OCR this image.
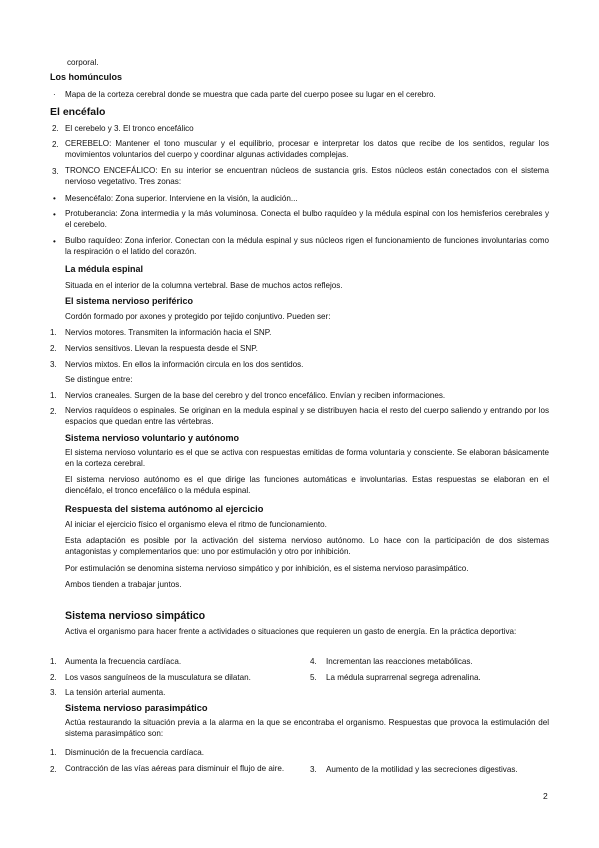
corporal.
Los homúnculos
· Mapa de la corteza cerebral donde se muestra que cada parte del cuerpo posee su lugar en el cerebro.
El encéfalo
2. El cerebelo y 3. El tronco encefálico
2. CEREBELO: Mantener el tono muscular y el equilibrio, procesar e interpretar los datos que recibe de los sentidos, regular los movimientos voluntarios del cuerpo y coordinar algunas actividades complejas.
3. TRONCO ENCEFÁLICO: En su interior se encuentran núcleos de sustancia gris. Estos núcleos están conectados con el sistema nervioso vegetativo. Tres zonas:
• Mesencéfalo: Zona superior. Interviene en la visión, la audición...
• Protuberancia: Zona intermedia y la más voluminosa. Conecta el bulbo raquídeo y la médula espinal con los hemisferios cerebrales y el cerebelo.
• Bulbo raquídeo: Zona inferior. Conectan con la médula espinal y sus núcleos rigen el funcionamiento de funciones involuntarias como la respiración o el latido del corazón.
La médula espinal
Situada en el interior de la columna vertebral. Base de muchos actos reflejos.
El sistema nervioso periférico
Cordón formado por axones y protegido por tejido conjuntivo. Pueden ser:
1. Nervios motores. Transmiten la información hacia el SNP.
2. Nervios sensitivos. Llevan la respuesta desde el SNP.
3. Nervios mixtos. En ellos la información circula en los dos sentidos.
Se distingue entre:
1. Nervios craneales. Surgen de la base del cerebro y del tronco encefálico. Envían y reciben informaciones.
2. Nervios raquídeos o espinales. Se originan en la medula espinal y se distribuyen hacia el resto del cuerpo saliendo y entrando por los espacios que quedan entre las vértebras.
Sistema nervioso voluntario y autónomo
El sistema nervioso voluntario es el que se activa con respuestas emitidas de forma voluntaria y consciente. Se elaboran básicamente en la corteza cerebral.
El sistema nervioso autónomo es el que dirige las funciones automáticas e involuntarias. Estas respuestas se elaboran en el diencéfalo, el tronco encefálico o la médula espinal.
Respuesta del sistema autónomo al ejercicio
Al iniciar el ejercicio físico el organismo eleva el ritmo de funcionamiento.
Esta adaptación es posible por la activación del sistema nervioso autónomo. Lo hace con la participación de dos sistemas antagonistas y complementarios que: uno por estimulación y otro por inhibición.
Por estimulación se denomina sistema nervioso simpático y por inhibición, es el sistema nervioso parasimpático.
Ambos tienden a trabajar juntos.
Sistema nervioso simpático
Activa el organismo para hacer frente a actividades o situaciones que requieren un gasto de energía. En la práctica deportiva:
1. Aumenta la frecuencia cardíaca.
2. Los vasos sanguíneos de la musculatura se dilatan.
3. La tensión arterial aumenta.
4. Incrementan las reacciones metabólicas.
5. La médula suprarrenal segrega adrenalina.
Sistema nervioso parasimpático
Actúa restaurando la situación previa a la alarma en la que se encontraba el organismo. Respuestas que provoca la estimulación del sistema parasimpático son:
1. Disminución de la frecuencia cardíaca.
2. Contracción de las vías aéreas para disminuir el flujo de aire.	3. Aumento de la motilidad y las secreciones digestivas.
2
